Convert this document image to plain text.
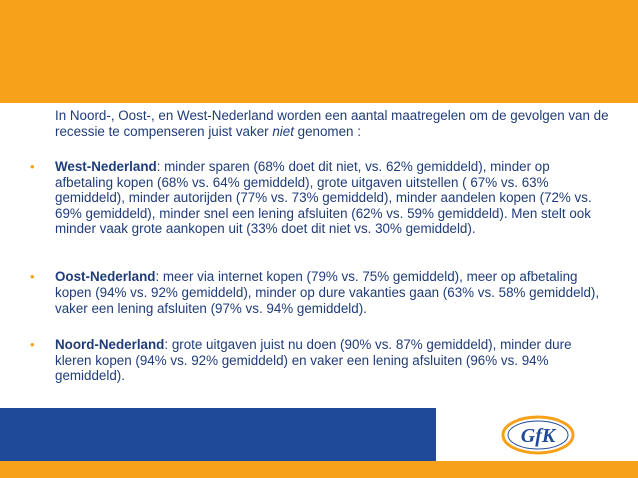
In Noord-, Oost-, en West-Nederland worden een aantal maatregelen om de gevolgen van de recessie te compenseren juist vaker niet genomen :

• West-Nederland: minder sparen (68% doet dit niet, vs. 62% gemiddeld), minder op afbetaling kopen (68% vs. 64% gemiddeld), grote uitgaven uitstellen ( 67% vs. 63% gemiddeld), minder autorijden (77% vs. 73% gemiddeld), minder aandelen kopen (72% vs. 69% gemiddeld), minder snel een lening afsluiten (62% vs. 59% gemiddeld). Men stelt ook minder vaak grote aankopen uit (33% doet dit niet vs. 30% gemiddeld).

• Oost-Nederland: meer via internet kopen (79% vs. 75% gemiddeld), meer op afbetaling kopen (94% vs. 92% gemiddeld), minder op dure vakanties gaan (63% vs. 58% gemiddeld), vaker een lening afsluiten (97% vs. 94% gemiddeld).

• Noord-Nederland: grote uitgaven juist nu doen (90% vs. 87% gemiddeld), minder dure kleren kopen (94% vs. 92% gemiddeld) en vaker een lening afsluiten (96% vs. 94% gemiddeld).

GfK
